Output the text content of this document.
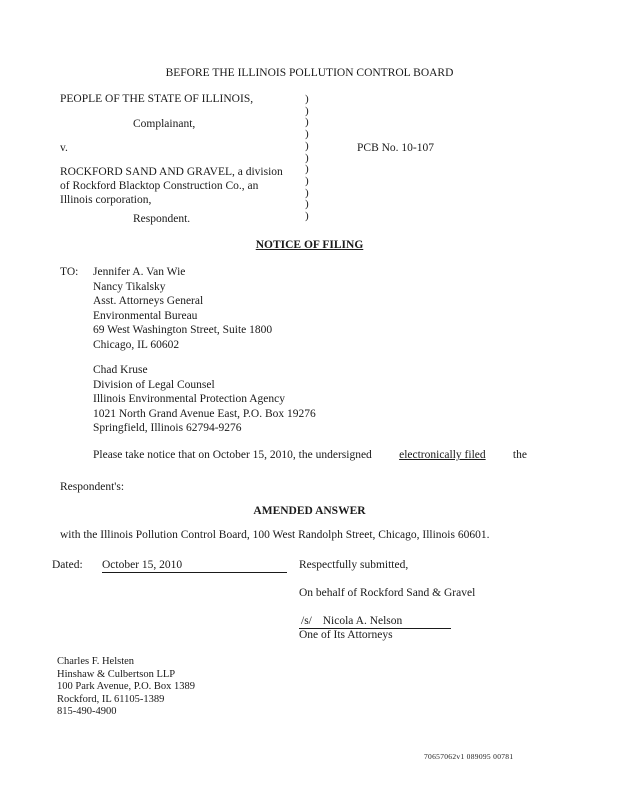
BEFORE THE ILLINOIS POLLUTION CONTROL BOARD
PEOPLE OF THE STATE OF ILLINOIS,
Complainant,
v.	PCB No. 10-107
ROCKFORD SAND AND GRAVEL, a division
of Rockford Blacktop Construction Co., an
Illinois corporation,
Respondent.
)
)
)
)
)
)
)
)
)
)
)
NOTICE OF FILING
TO: Jennifer A. Van Wie
Nancy Tikalsky
Asst. Attorneys General
Environmental Bureau
69 West Washington Street, Suite 1800
Chicago, IL 60602
Chad Kruse
Division of Legal Counsel
Illinois Environmental Protection Agency
1021 North Grand Avenue East, P.O. Box 19276
Springfield, Illinois 62794-9276
Please take notice that on October 15, 2010, the undersigned electronically filed the
Respondent's:
AMENDED ANSWER
with the Illinois Pollution Control Board, 100 West Randolph Street, Chicago, Illinois 60601.
Dated: October 15, 2010	Respectfully submitted,
On behalf of Rockford Sand & Gravel
/s/ Nicola A. Nelson
One of Its Attorneys
Charles F. Helsten
Hinshaw & Culbertson LLP
100 Park Avenue, P.O. Box 1389
Rockford, IL 61105-1389
815-490-4900
70657062v1 089095 00781
